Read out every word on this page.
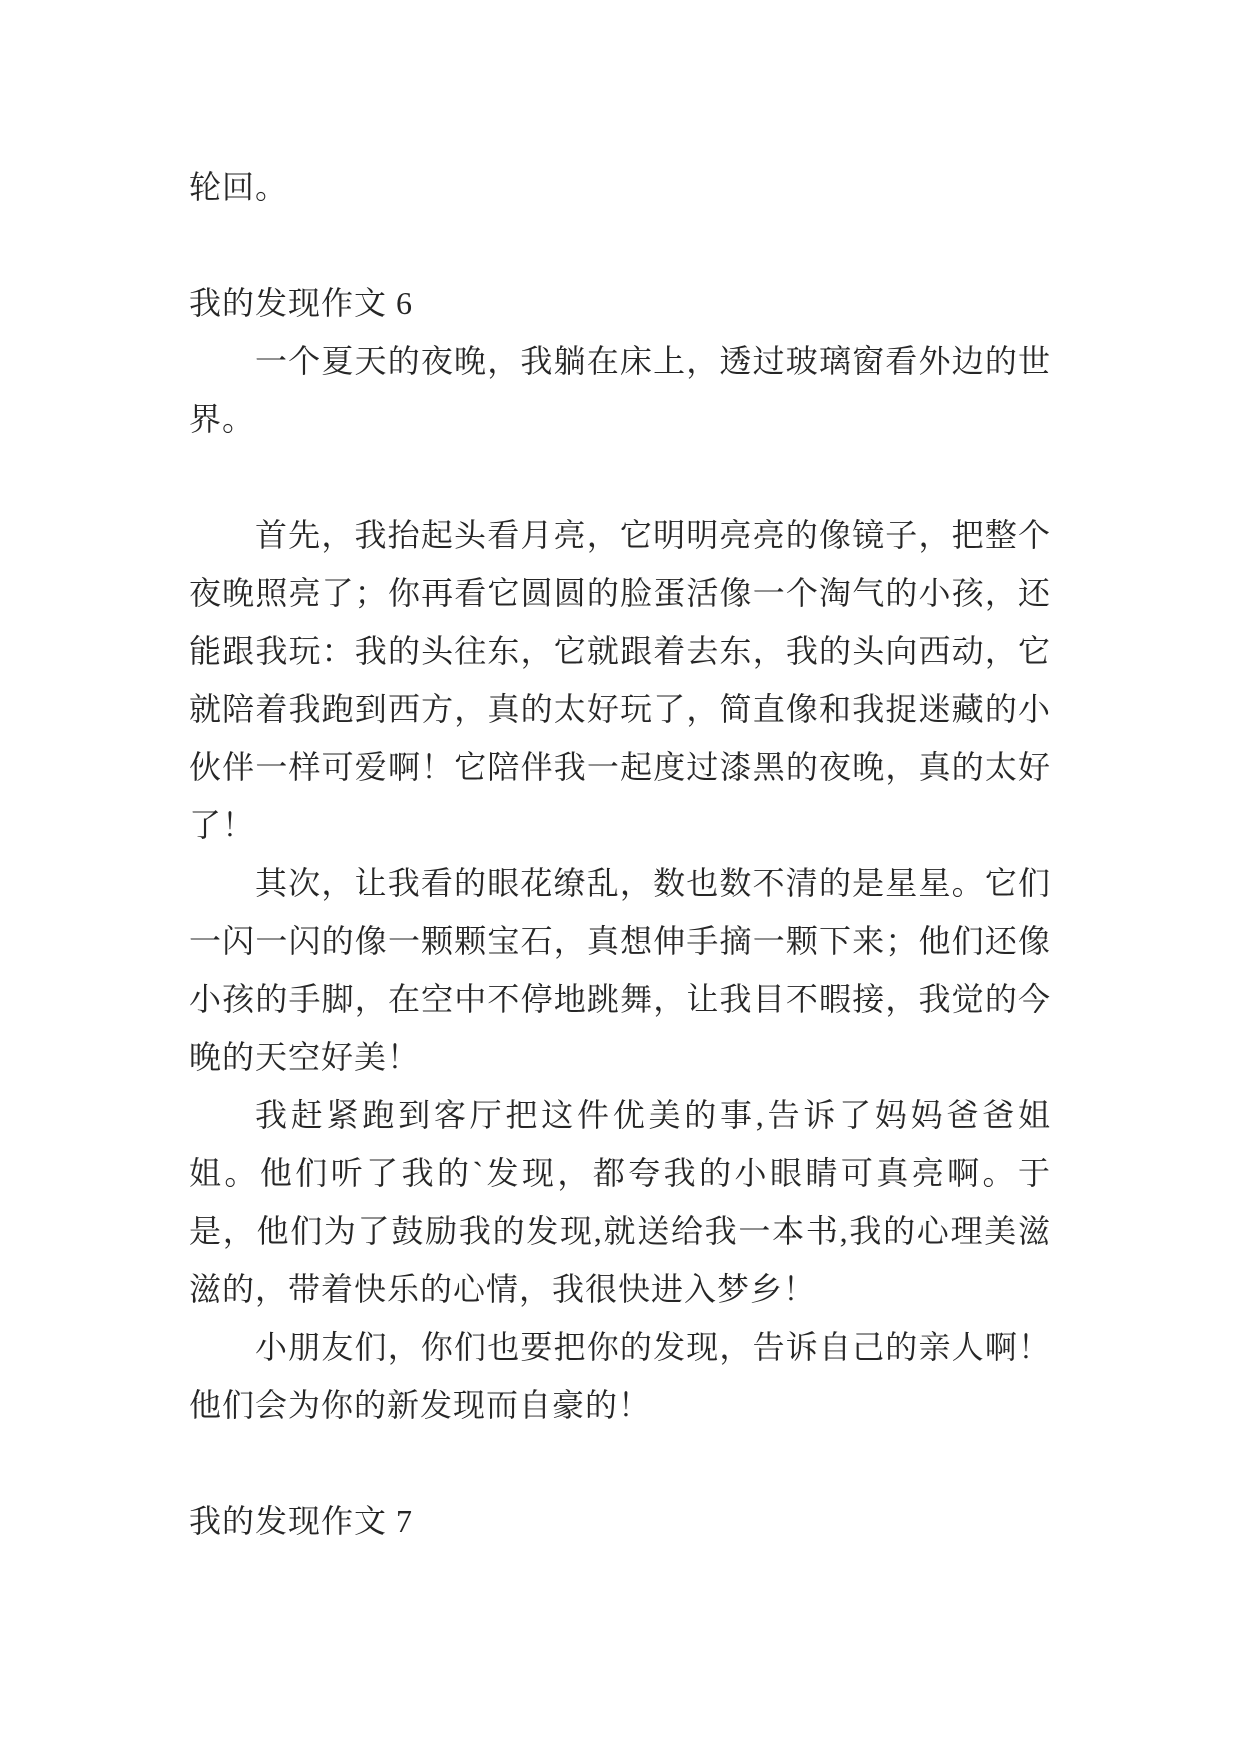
轮回。

我的发现作文 6

一个夏天的夜晚，我躺在床上，透过玻璃窗看外边的世界。

首先，我抬起头看月亮，它明明亮亮的像镜子，把整个夜晚照亮了；你再看它圆圆的脸蛋活像一个淘气的小孩，还能跟我玩：我的头往东，它就跟着去东，我的头向西动，它就陪着我跑到西方，真的太好玩了，简直像和我捉迷藏的小伙伴一样可爱啊！它陪伴我一起度过漆黑的夜晚，真的太好了！

其次，让我看的眼花缭乱，数也数不清的是星星。它们一闪一闪的像一颗颗宝石，真想伸手摘一颗下来；他们还像小孩的手脚，在空中不停地跳舞，让我目不暇接，我觉的今晚的天空好美！

我赶紧跑到客厅把这件优美的事,告诉了妈妈爸爸姐姐。他们听了我的`发现，都夸我的小眼睛可真亮啊。于是，他们为了鼓励我的发现,就送给我一本书,我的心理美滋滋的，带着快乐的心情，我很快进入梦乡！

小朋友们，你们也要把你的发现，告诉自己的亲人啊！他们会为你的新发现而自豪的！

我的发现作文 7
